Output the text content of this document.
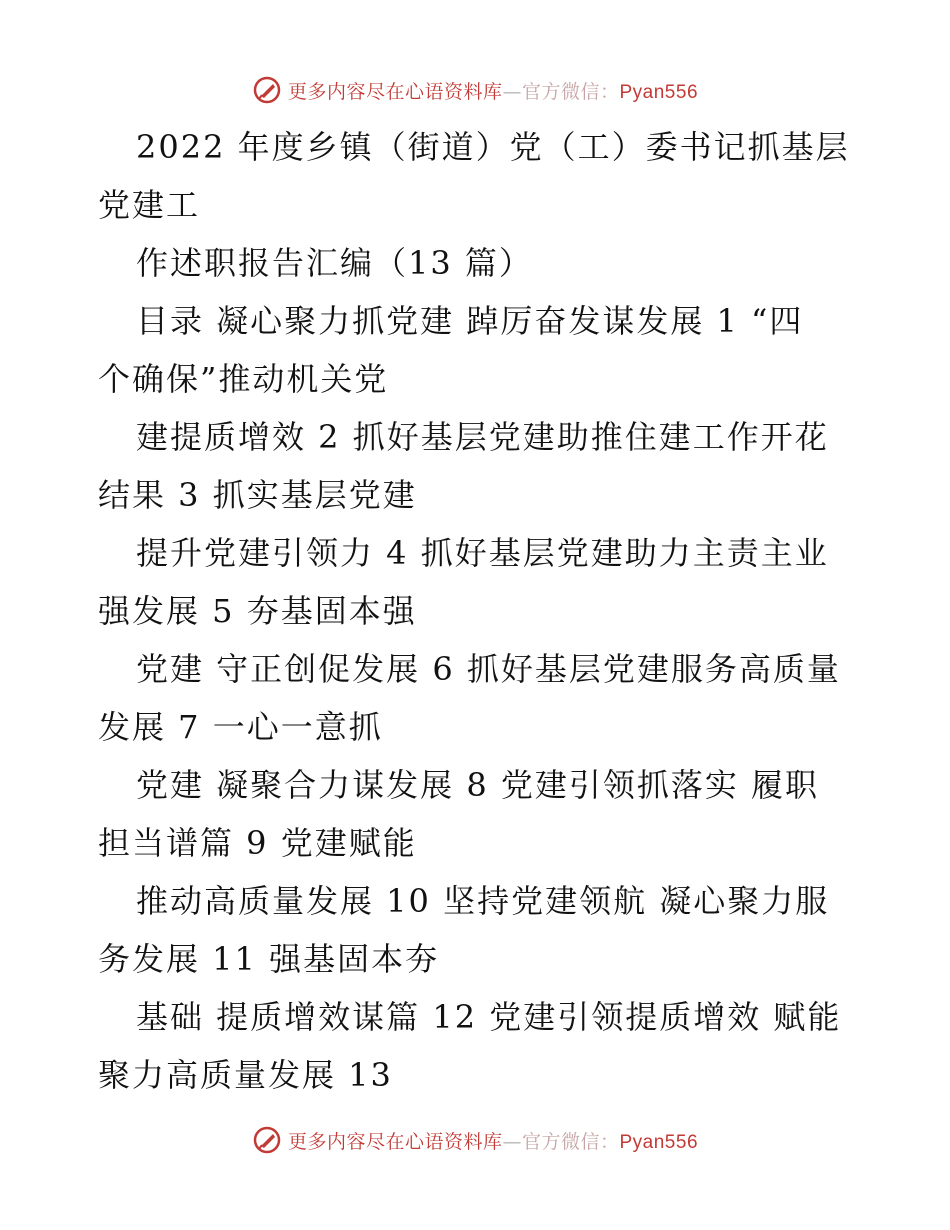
更多内容尽在心语资料库—官方微信：Pyan556

2022 年度乡镇（街道）党（工）委书记抓基层
党建工

作述职报告汇编（13 篇）

目录 凝心聚力抓党建 踔厉奋发谋发展 1 “四
个确保”推动机关党

建提质增效 2 抓好基层党建助推住建工作开花
结果 3 抓实基层党建

提升党建引领力 4 抓好基层党建助力主责主业
强发展 5 夯基固本强

党建 守正创促发展 6 抓好基层党建服务高质量
发展 7 一心一意抓

党建 凝聚合力谋发展 8 党建引领抓落实 履职
担当谱篇 9 党建赋能

推动高质量发展 10 坚持党建领航 凝心聚力服
务发展 11 强基固本夯

基础 提质增效谋篇 12 党建引领提质增效 赋能
聚力高质量发展 13

更多内容尽在心语资料库—官方微信：Pyan556
